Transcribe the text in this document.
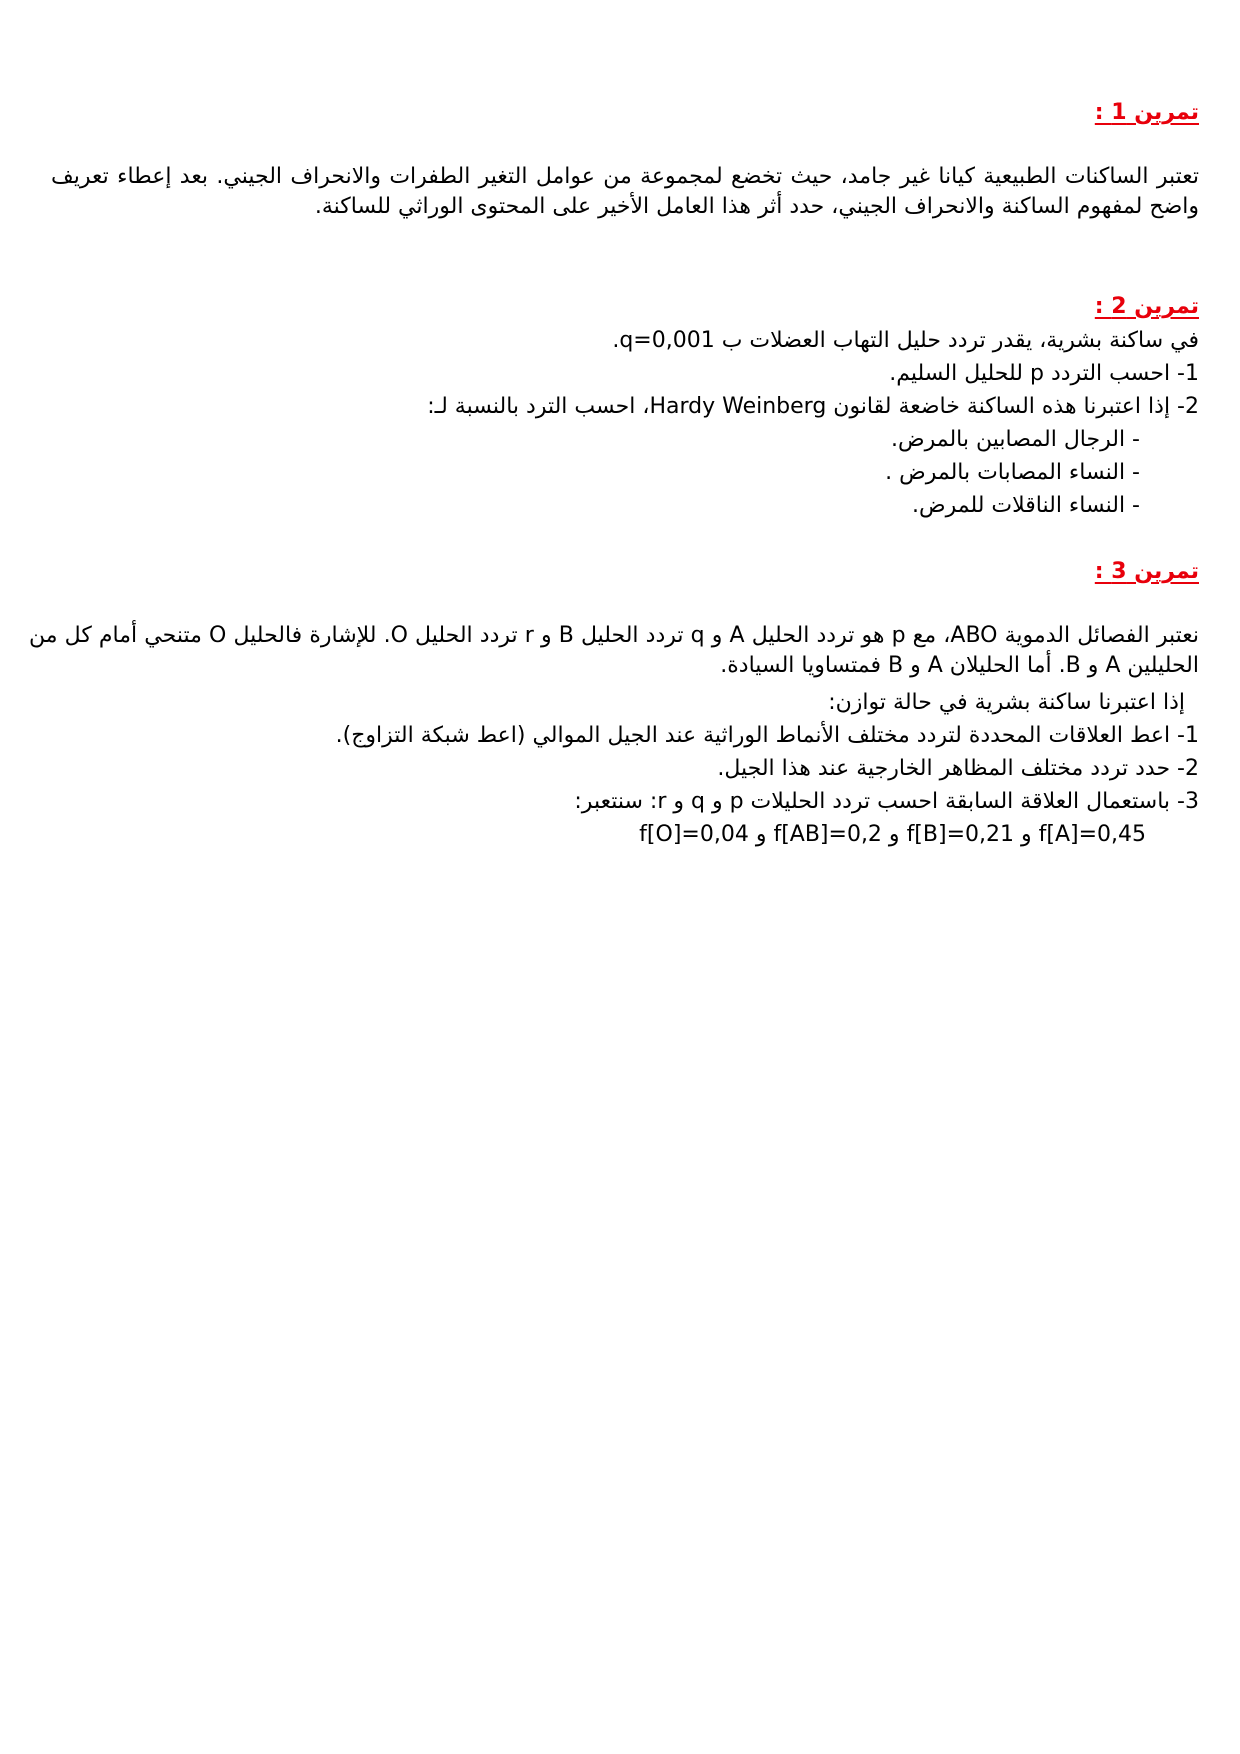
تمرين 1 :
تعتبر الساكنات الطبيعية كيانا غير جامد، حيث تخضع لمجموعة من عوامل التغير الطفرات والانحراف الجيني. بعد إعطاء تعريف واضح لمفهوم الساكنة والانحراف الجيني، حدد أثر هذا العامل الأخير على المحتوى الوراثي للساكنة.
تمرين 2 :
في ساكنة بشرية، يقدر تردد حليل التهاب العضلات ب q=0,001.
1- احسب التردد p للحليل السليم.
2- إذا اعتبرنا هذه الساكنة خاضعة لقانون Hardy Weinberg، احسب الترد بالنسبة لـ:
- الرجال المصابين بالمرض.
- النساء المصابات بالمرض .
- النساء الناقلات للمرض.
تمرين 3 :
نعتبر الفصائل الدموية ABO، مع p هو تردد الحليل A و q تردد الحليل B و r تردد الحليل O. للإشارة فالحليل O متنحي أمام كل من الحليلين A و B. أما الحليلان A و B فمتساويا السيادة.
إذا اعتبرنا ساكنة بشرية في حالة توازن:
1- اعط العلاقات المحددة لتردد مختلف الأنماط الوراثية عند الجيل الموالي (اعط شبكة التزاوج).
2- حدد تردد مختلف المظاهر الخارجية عند هذا الجيل.
3- باستعمال العلاقة السابقة احسب تردد الحليلات p و q و r: سنتعبر:
f[A]=0,45 و f[B]=0,21 و f[AB]=0,2 و f[O]=0,04
